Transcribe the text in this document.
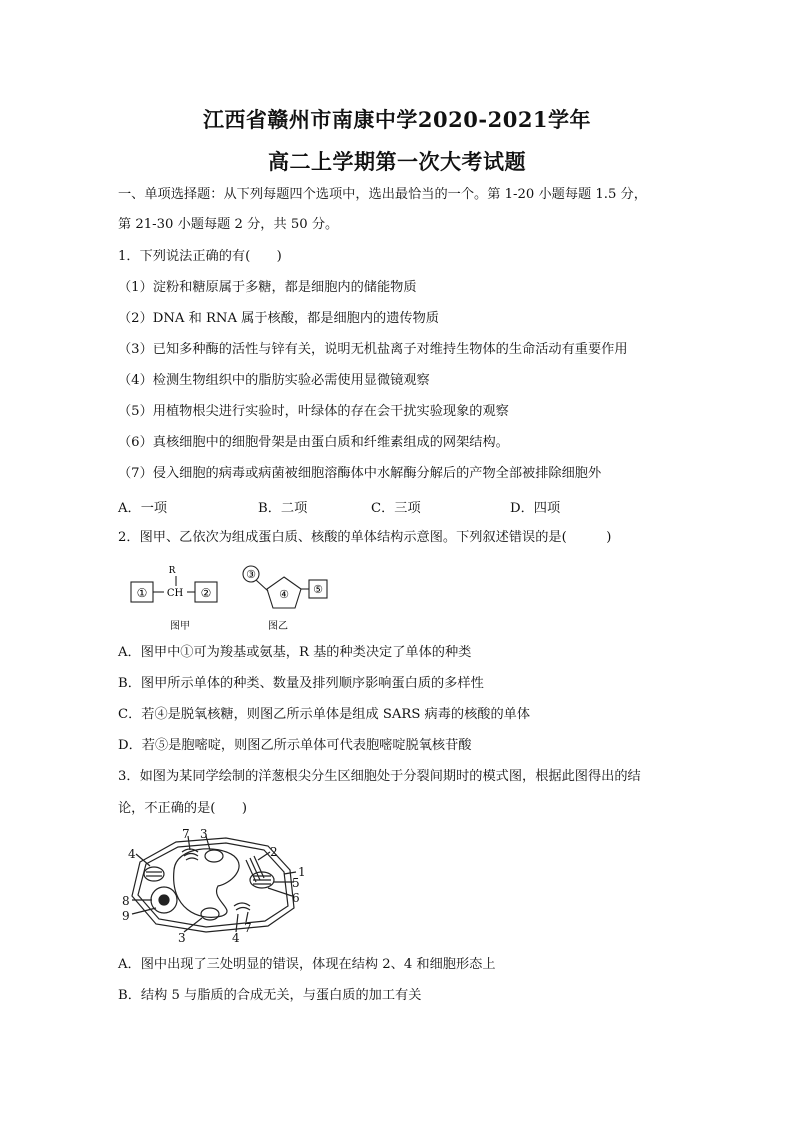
江西省赣州市南康中学2020-2021学年
高二上学期第一次大考试题
一、单项选择题：从下列每题四个选项中，选出最恰当的一个。第 1-20 小题每题 1.5 分，
第 21-30 小题每题 2 分，共 50 分。
1．下列说法正确的有(　　)
（1）淀粉和糖原属于多糖，都是细胞内的储能物质
（2）DNA 和 RNA 属于核酸，都是细胞内的遗传物质
（3）已知多种酶的活性与锌有关，说明无机盐离子对维持生物体的生命活动有重要作用
（4）检测生物组织中的脂肪实验必需使用显微镜观察
（5）用植物根尖进行实验时，叶绿体的存在会干扰实验现象的观察
（6）真核细胞中的细胞骨架是由蛋白质和纤维素组成的网架结构。
（7）侵入细胞的病毒或病菌被细胞溶酶体中水解酶分解后的产物全部被排除细胞外
A．一项	B．二项	C．三项	D．四项
2．图甲、乙依次为组成蛋白质、核酸的单体结构示意图。下列叙述错误的是(　　　)
①
R
CH ②
③
④ ⑤
图甲	图乙
A．图甲中①可为羧基或氨基，R 基的种类决定了单体的种类
B．图甲所示单体的种类、数量及排列顺序影响蛋白质的多样性
C．若④是脱氧核糖，则图乙所示单体是组成 SARS 病毒的核酸的单体
D．若⑤是胞嘧啶，则图乙所示单体可代表胞嘧啶脱氧核苷酸
3．如图为某同学绘制的洋葱根尖分生区细胞处于分裂间期时的模式图，根据此图得出的结
论，不正确的是(　　)
4
7 3
2
1
5
6
8
9
3	4
7
A．图中出现了三处明显的错误，体现在结构 2、4 和细胞形态上
B．结构 5 与脂质的合成无关，与蛋白质的加工有关
